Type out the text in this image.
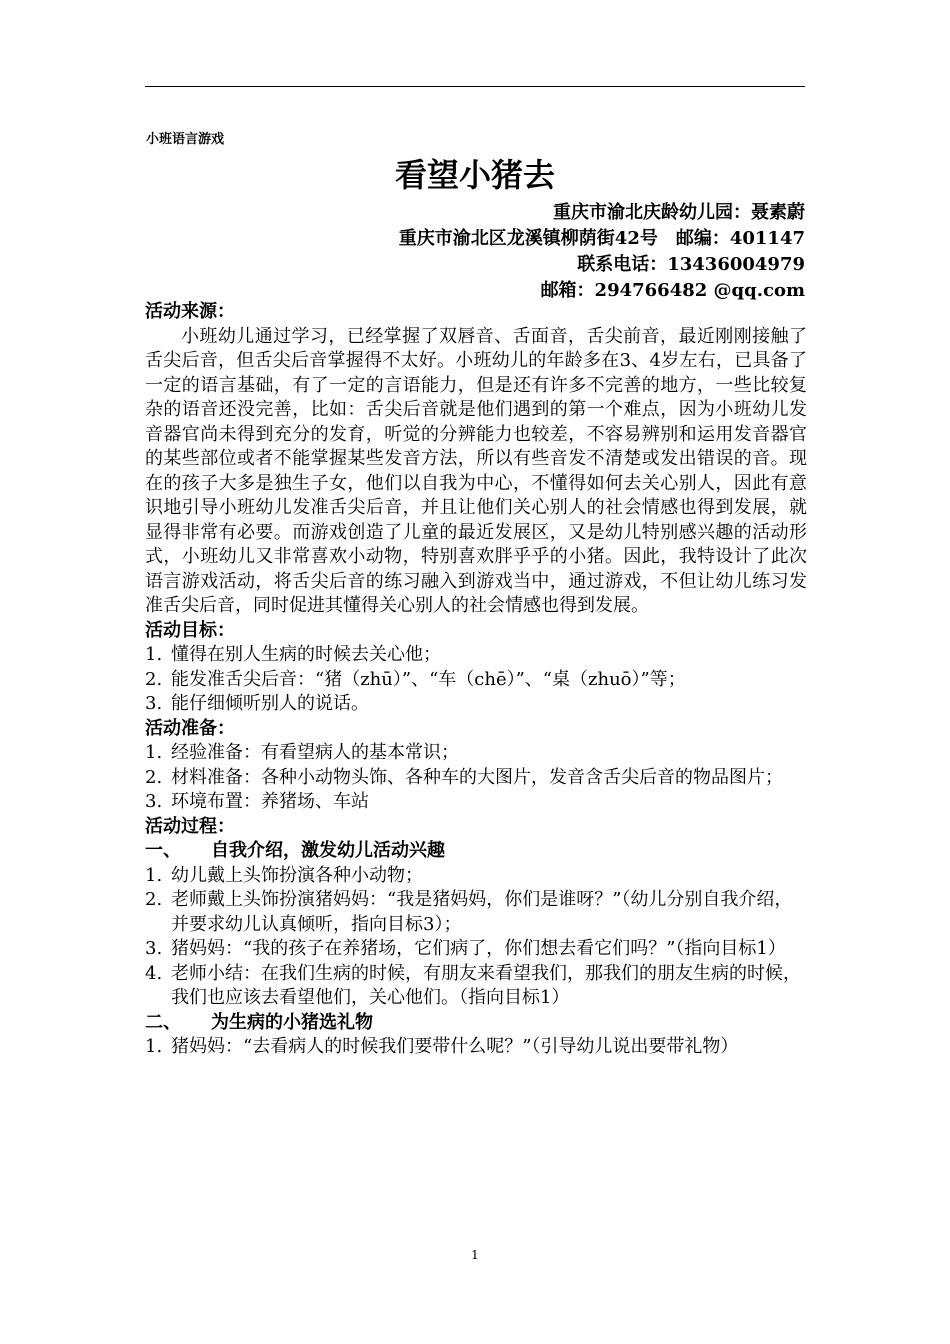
小班语言游戏
看望小猪去
重庆市渝北庆龄幼儿园：聂素蔚
重庆市渝北区龙溪镇柳荫街42号　邮编：401147
联系电话：13436004979
邮箱：294766482 @qq.com
活动来源：
小班幼儿通过学习，已经掌握了双唇音、舌面音，舌尖前音，最近刚刚接触了舌尖后音，但舌尖后音掌握得不太好。小班幼儿的年龄多在3、4岁左右，已具备了一定的语言基础，有了一定的言语能力，但是还有许多不完善的地方，一些比较复杂的语音还没完善，比如：舌尖后音就是他们遇到的第一个难点，因为小班幼儿发音器官尚未得到充分的发育，听觉的分辨能力也较差，不容易辨别和运用发音器官的某些部位或者不能掌握某些发音方法，所以有些音发不清楚或发出错误的音。现在的孩子大多是独生子女，他们以自我为中心，不懂得如何去关心别人，因此有意识地引导小班幼儿发准舌尖后音，并且让他们关心别人的社会情感也得到发展，就显得非常有必要。而游戏创造了儿童的最近发展区，又是幼儿特别感兴趣的活动形式，小班幼儿又非常喜欢小动物，特别喜欢胖乎乎的小猪。因此，我特设计了此次语言游戏活动，将舌尖后音的练习融入到游戏当中，通过游戏，不但让幼儿练习发准舌尖后音，同时促进其懂得关心别人的社会情感也得到发展。
活动目标：
1. 懂得在别人生病的时候去关心他；
2. 能发准舌尖后音：“猪（zhū）”、“车（chē）”、“桌（zhuō）”等；
3. 能仔细倾听别人的说话。
活动准备：
1. 经验准备：有看望病人的基本常识；
2. 材料准备：各种小动物头饰、各种车的大图片，发音含舌尖后音的物品图片；
3. 环境布置：养猪场、车站
活动过程：
一、 自我介绍，激发幼儿活动兴趣
1. 幼儿戴上头饰扮演各种小动物；
2. 老师戴上头饰扮演猪妈妈：“我是猪妈妈，你们是谁呀？”（幼儿分别自我介绍，并要求幼儿认真倾听，指向目标3）；
3. 猪妈妈：“我的孩子在养猪场，它们病了，你们想去看它们吗？”（指向目标1）
4. 老师小结：在我们生病的时候，有朋友来看望我们，那我们的朋友生病的时候，我们也应该去看望他们，关心他们。（指向目标1）
二、 为生病的小猪选礼物
1. 猪妈妈：“去看病人的时候我们要带什么呢？”（引导幼儿说出要带礼物）
1
